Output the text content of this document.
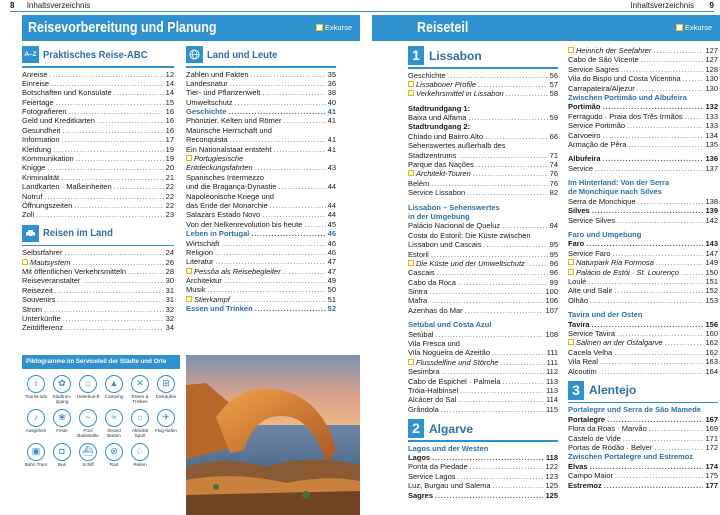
8 Inhaltsverzeichnis
Reisevorbereitung und Planung	Exkurse
A–Z Praktisches Reise-ABC
Anreise .....	12
Einreise .....	14
Botschaften und Konsulate .....	14
Feiertage .....	15
Fotografieren .....	16
Geld und Kreditkarten .....	16
Gesundheit .....	16
Information .....	17
Kleidung .....	19
Kommunikation .....	19
Knigge .....	20
Kriminalität .....	21
Landkarten · Maßeinheiten .....	22
Notruf .....	22
Öffnungszeiten .....	22
Zoll .....	23
Reisen im Land
Selbstfahrer .....	24
Mautsystem .....	26
Mit öffentlichen Verkehrsmitteln .....	28
Reiseveranstalter .....	30
Reisezeit .....	31
Souvenirs .....	31
Strom .....	32
Unterkünfte .....	32
Zeitdifferenz .....	34
Land und Leute
Zahlen und Fakten .....	35
Landesnatur .....	36
Tier- und Pflanzenwelt .....	38
Umweltschutz .....	40
Geschichte .....	41
Phönizier, Kelten und Römer .....	41
Maurische Herrschaft und
Reconquista .....	41
Ein Nationalstaat entsteht .....	41
Portugiesische
Entdeckungsfahrten .....	43
Spanisches Intermezzo
und die Bragança-Dynastie .....	44
Napoleonische Kriege und
das Ende der Monarchie .....	44
Salazars Estado Novo .....	44
Von der Nelkenrevolution bis heute .....	45
Leben in Portugal .....	46
Wirtschaft .....	46
Religion .....	46
Literatur .....	47
Pessôa als Reisebegleiter .....	47
Architektur .....	49
Musik .....	50
Stierkampf .....	51
Essen und Trinken .....	52
Piktogramme im Serviceteil der Städte und Orte
i
Tourist-info
✿
Stadtrun-dgang
⌂
Unterkun-ft
▲
Camping
✕
Essen & Trinken
⊞
Einkaufen
♪
Ausgehen
❀
Feste
~
Pool Badestelle
≈
Strand Baden
☼
Aktivität Sport
✈
Flug-hafen
▣
Bahn Tram
◘
Bus
⛴
Schiff
⊗
Rad
♘
Reiten
Inhaltsverzeichnis 9
Reiseteil	Exkurse
1 Lissabon
Geschichte .....	56
Lissaboner Profile .....	57
Verkehrsmittel in Lissabon .....	58
Stadtrundgang 1:
Baixa und Alfama .....	59
Stadtrundgang 2:
Chiado und Bairro Alto .....	66
Sehenswertes außerhalb des
Stadtzentrums .....	71
Parque das Nações .....	74
Architekt-Touren .....	76
Belém .....	76
Service Lissabon .....	82
Lissabon – Sehenswertes
in der Umgebung
Palácio Nacional de Queluz .....	94
Costa do Estoril: Die Küste zwischen
Lissabon und Cascais .....	95
Estoril .....	95
Die Küste und der Umweltschutz .....	96
Cascais .....	96
Cabo da Roca .....	99
Sintra .....	100
Mafra .....	106
Azenhas do Mar .....	107
Setúbal und Costa Azul
Setúbal .....	108
Vila Fresca und
Vila Nogueira de Azeitão .....	111
Flussdelfine und Störche .....	111
Sesimbra .....	112
Cabo de Espichel · Palmela .....	113
Tróia-Halbinsel .....	113
Alcácer do Sal .....	114
Grândola .....	115
2 Algarve
Lagos und der Westen
Lagos .....	118
Ponta da Piedade .....	122
Service Lagos .....	123
Luz, Burgau und Salema .....	125
Sagres .....	125
Heinrich der Seefahrer .....	127
Cabo de São Vicente .....	127
Service Sagres .....	128
Vila do Bispo und Costa Vicentina .....	130
Carrapateira/Aljezur .....	130
Zwischen Portimão und Albufeira
Portimão .....	132
Ferragudo · Praia dos Três Irmãos .....	133
Service Portimão .....	133
Carvoeiro .....	134
Armação de Pêra .....	135
Albufeira .....	136
Service .....	137
Im Hinterland: Von der Serra
de Monchique nach Silves
Serra de Monchique .....	138
Silves .....	139
Service Silves .....	142
Faro und Umgebung
Faro .....	143
Service Faro .....	147
Naturpark Ria Formosa .....	149
Palácio de Estói · St. Lourenço .....	150
Loulé .....	151
Alte und Salir .....	152
Olhão .....	153
Tavira und der Osten
Tavira .....	156
Service Tavira .....	160
Salinen an der Ostalgarve .....	162
Cacela Velha .....	162
Vila Real .....	163
Alcoutim .....	164
3 Alentejo
Portalegre und Serra de São Mamede
Portalegre .....	167
Flora da Roas · Marvão .....	169
Castelo de Vide .....	171
Portas de Ródão · Belver .....	172
Zwischen Portalegre und Estremoz
Elvas .....	174
Campo Maior .....	175
Estremoz .....	177
